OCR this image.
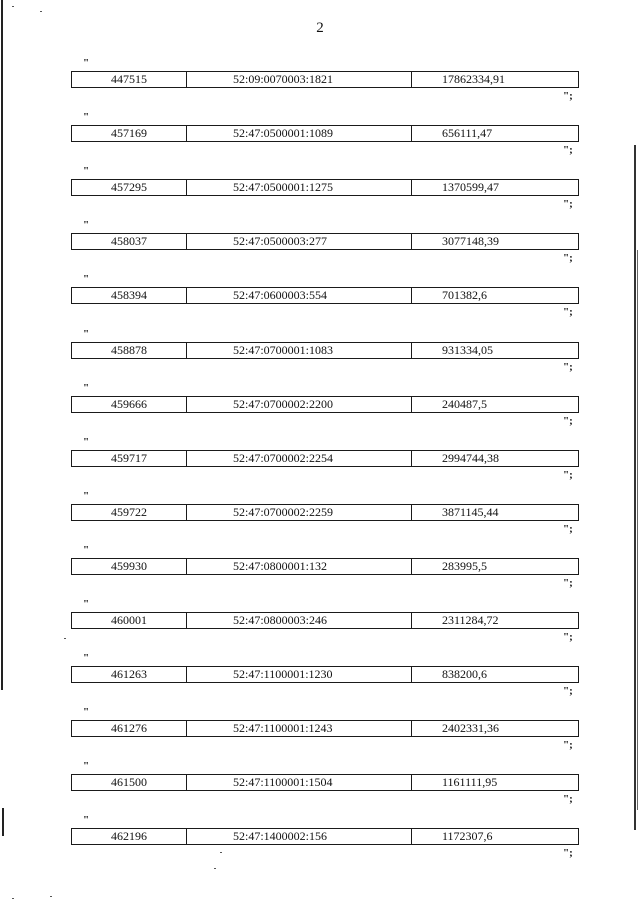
2
"
447515	52:09:0070003:1821	17862334,91
";
"
457169	52:47:0500001:1089	656111,47
";
"
457295	52:47:0500001:1275	1370599,47
";
"
458037	52:47:0500003:277	3077148,39
";
"
458394	52:47:0600003:554	701382,6
";
"
458878	52:47:0700001:1083	931334,05
";
"
459666	52:47:0700002:2200	240487,5
";
"
459717	52:47:0700002:2254	2994744,38
";
"
459722	52:47:0700002:2259	3871145,44
";
"
459930	52:47:0800001:132	283995,5
";
"
460001	52:47:0800003:246	2311284,72
";
"
461263	52:47:1100001:1230	838200,6
";
"
461276	52:47:1100001:1243	2402331,36
";
"
461500	52:47:1100001:1504	1161111,95
";
"
462196	52:47:1400002:156	1172307,6
";
